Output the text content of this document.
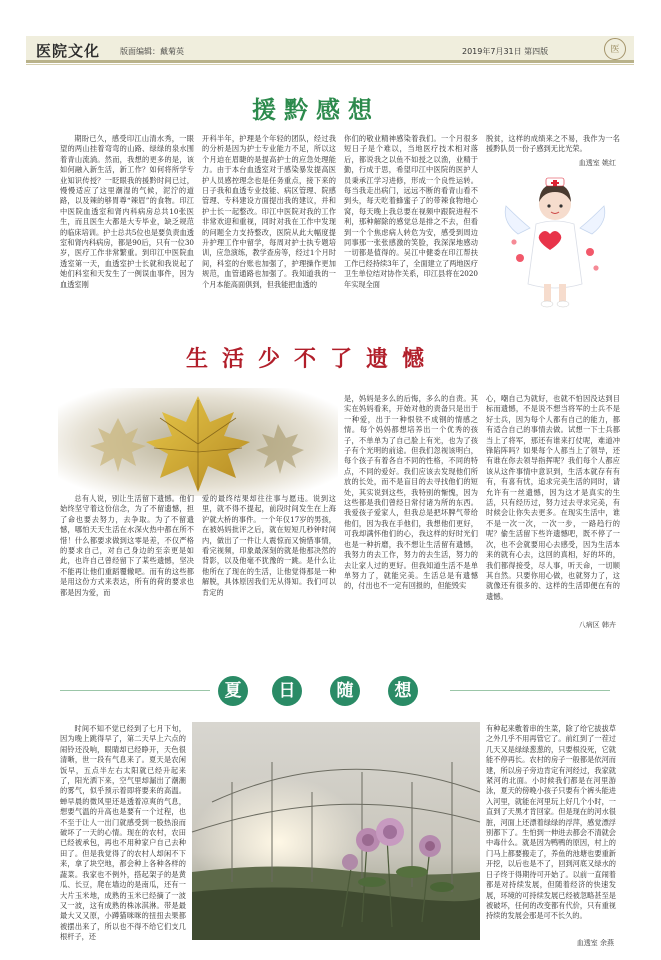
医院文化 版面编辑：戴菊英	2019年7月31日 第四版	医
援黔感想

期盼已久，感受印江山清水秀，一眼望的两山挂着弯弯的山路、绿绿的泉水围着青山流淌。然而，我想的更多的是，该如何融入新生活，新工作？如何将所学专业知识传授？一眨眼我的援黔时间已过，慢慢适应了这里潮湿的气候，泥泞的道路，以及辣的够胃尊“辣眉”的食物。印江中医院血透室和肾内科病房总共10张医生，而且医生大都是大专毕业，缺乏规范的临床培训。护士总共5位也是要负责血透室和肾内科病房，都是90后，只有一位30岁，医疗工作非常繁重。到印江中医院血透室第一天，血透室护士长就和我说起了她们科室和天发生了一例误血事件，因为血透室刚

开科半年，护理是个年轻的团队，经过我的分析是因为护士专业能力不足，所以这个月迫在眉睫的是提高护士的应急处理能力。由于本台血透室对于感染暴发提高医护人员感控理念也是任务重点，接下来的日子我和血透专业技能、病区管理、院感管理、专科建设方面提出我的建议，并和护士长一起整改。印江中医院对我的工作非常欢迎和重视，同时对我在工作中发现的问题全力支持整改，医院从此大幅度提升护理工作中留学，每周对护士执专题培训，应急演练，教学查房等，经过1个月时间，科室的台账也加强了，护理操作更加规范，血管通路也加强了。我知道我的一个月本能高面俱到，但我能把血透的

你们的敬业精神感染着我们。一个月很多短日子是个难以，当地医疗技术相对落后，都说我之以鱼不如授之以渔，业精于勤，行成于思，希望印江中医院的医护人员秉承江学习进修，形成一个良性运转。每当我走出病门，远远不断的看青山看不到头，每天吃着蜂蜜子了的带辣食物地心窝，每天晚上我总要在视频中跟院进程不利，那种解除的感觉总是排之不去，但看到一个个焦虑病人转危为安，感受到周边同事那一张张感激的笑脸，我深深地感动一切都是值得的。吴江中健委在印江帮扶工作已经持续3年了，全面建立了两地医疗卫生单位结对协作关系，印江县将在2020年实现全面

脱贫，这样的成绩来之不易，我作为一名援黔队员一份子感到无比光荣。

血透室 姚红
生活少不了遗憾

总有人说，别让生活留下遗憾。他们始终坚守着这份信念，为了不留遗憾，担了命也要去努力，去争取。为了不留遗憾，哪怕天天生活在水深火热中都在所不惜！什么都要求做到这零是差，不仅严格的要求自己，对自己身边的至亲更是如此，也许自己曾经留下了某些遗憾，坚决不能再让他们重蹈覆辙吧。而有的这些都是用这份方式来表达，所有的荷的要求也都是因为爱，而

爱的最终结果却往往事与愿违。说到这里，就不得不提起，前段时间发生在上海沪就大桥的事件。一个年仅17岁的男孩，在被妈妈批评之后，就在短短几秒钟时间内，做出了一件让人震惊而又惋惜事情，看完视频，印象最深刻的就是他那决然的背影，以及他毫不犹豫的一跳。是什么让他所在了现在的生活，让他觉得那是一种解脱，具体原因我们无从得知。我们可以肯定的

是，妈妈是多么的后悔，多么的自责。其实在妈妈看来，开始对他的责备只是出于一种爱，出于一种恨铁不成钢的情感之情。每个妈妈都想培养出一个优秀的孩子，不单单为了自己脸上有光，也为了孩子有个光明的前途。但我们忽视该明白，每个孩子有着各自不同的性格，不同的特点，不同的爱好。我们应该去发现他们所放的长处，而不是盲目的去寻找他们的短处，其实说到这些，我特别的惭愧，因为这些都是我们曾经日常付诸为所的东西。我爱孩子爱家人，但我总是把坏脾气带给他们，因为我在手他们，我想他们更好，可我却满怀他们的心，我这样的好时光们也是一种折磨，我不想让生活留有遗憾，我努力的去工作，努力的去生活，努力的去让家人过的更好。但我知道生活不是单单努力了，就能完美。生活总是有遗憾的，付出也不一定有回报的，但能毁实

心，嘲自己为就好，也就不怕因没达到目标而遗憾，不是说不想当将军的士兵不是好士兵，因为每个人都有自己的能力，都有适合自己的事情去做。试想一下士兵都当上了将军，那还有谁来打仗呢，难道冲锋陷阵吗？如果每个人都当上了领导，还有谁在你去领导指挥呢？我们每个人都应该从这件事情中意识到，生活本就存有有有，有喜有忧，追求完美生活的同时，请允许有一丝遗憾，因为这才是真实的生活，只有经历过，努力过去寻求完美，有时候会让你失去更多。在现实生活中，谁不是一次一次，一次一步，一路趋行的呢？偷生活留下些许遗憾吧，既不停了一次，也不会就要用心去感受，因为生活本来的就有心去，这回的真相，好的坏的，我们都得接受，尽人事，听天命，一切顺其自然。只要你用心做，也就努力了，这就像还有很多的、这样的生活即便在有的遗憾。

八病区 韩卉
夏	日	随	想

时间不知不觉已经到了七月下旬，因为晚上跳得早了，第二天早上六点的闹铃还没响，眼睛却已经睁开，天色很清晰，世一段有气息来了。夏天是农闲饭早，五点半左右太阳就已经升起来了，阳光洒下来，空气里却漏出了潮潮的雾气，似乎预示着即将要来的高温。蝉早晨的微风里还是透着凉爽的气息，想要气温的升高也是要有一个过程，也不至于让人一出门就感受到一股热浪而破坏了一天的心情。现在的农村，农田已经被承包，再也不用种家户自己去种田了。但是我觉得了的农村人却闲不下来，拿了块空地，都会种上各种各样的蔬菜。我家也不例外，搭起架子的是黄瓜、长豆，爬在墙边的是南瓜，还有一大片玉米地，成熟的玉米已经摘了一波又一波，这有成熟的株冰淇淋。带是最最大又又原，小蹲猫咪咪的扭扭去果都被摆出来了，所以也不得不给它们支几根杆子，还

有种起来敷着串的生菜，除了给它拔拔草之外几乎不用再管它了。前红到了一茬过几天又是绿绿葱葱的，只要根没死，它就能不停再长。农村的房子一般都是依河而建，所以房子旁边肯定有河经过，我家就紧河的北面。小时候我们都是在河里游泳，夏天的傍晚小孩子只要有个裤头能进入河里，就能在河里玩上好几个小时，一直到了天黑才肯回家。但是现在的河水很脏，河面上还漂着绿绿的浮萍，感觉漂浮别都下了。生怕到一伸进去都会不清就会中毒什么。就是因为鸭鸭的原因，村上的门马上都要搬走了，养鱼的池塘也要重新开挖，以后也是不了，回到河底又绿水的日子终于得期待可开始了。以前一直闹着都是对持续发展，但随着经济的快速发展，环境的可持续发展已经被忽略甚至是被破坏，任何的改变都有代价，只有重视持续的发展会那是可不长久的。

血透室 余燕
